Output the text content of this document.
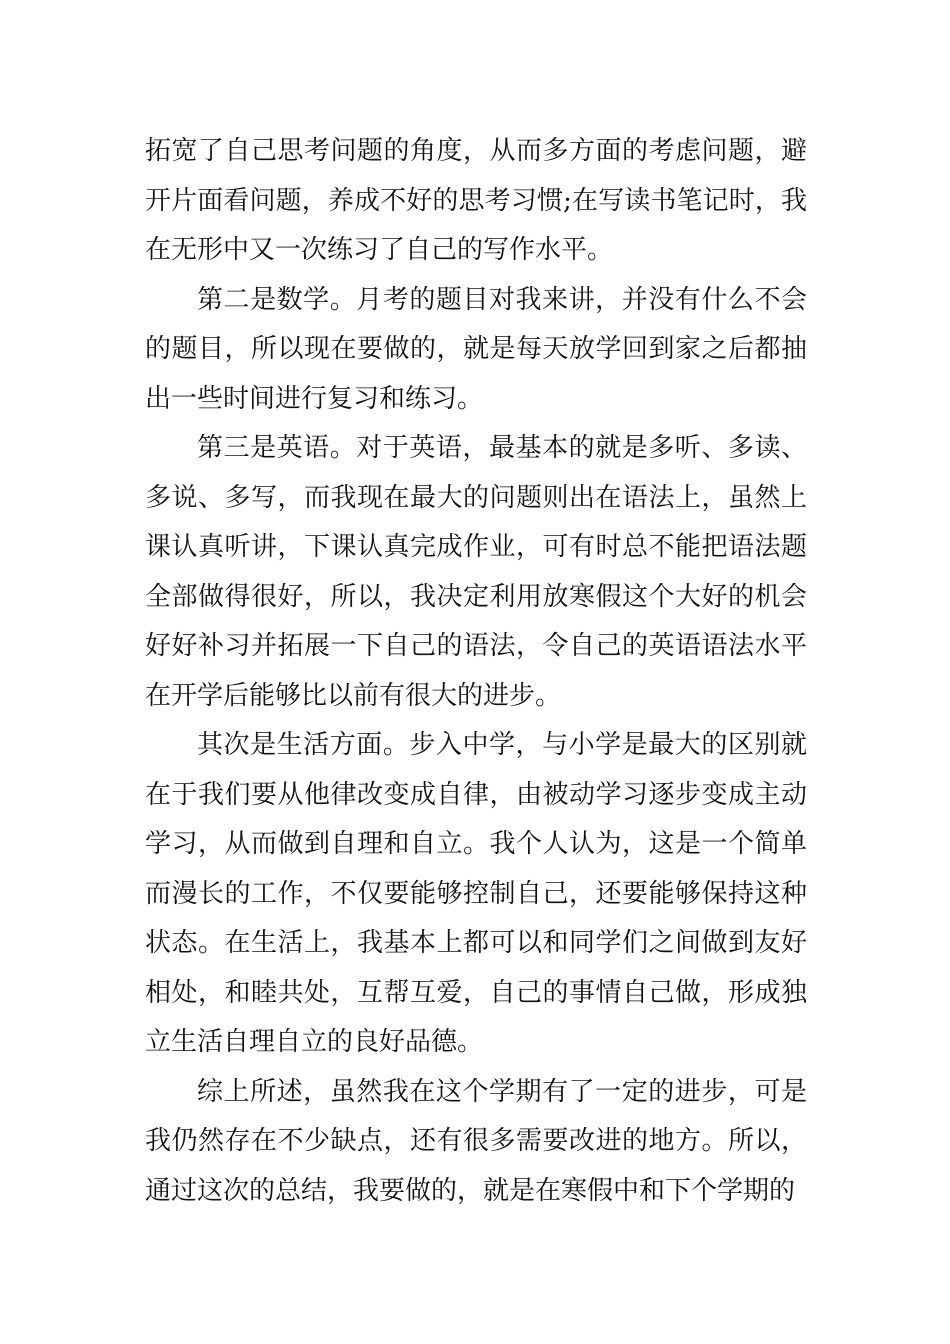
拓宽了自己思考问题的角度，从而多方面的考虑问题，避开片面看问题，养成不好的思考习惯;在写读书笔记时，我在无形中又一次练习了自己的写作水平。

第二是数学。月考的题目对我来讲，并没有什么不会的题目，所以现在要做的，就是每天放学回到家之后都抽出一些时间进行复习和练习。

第三是英语。对于英语，最基本的就是多听、多读、多说、多写，而我现在最大的问题则出在语法上，虽然上课认真听讲，下课认真完成作业，可有时总不能把语法题全部做得很好，所以，我决定利用放寒假这个大好的机会好好补习并拓展一下自己的语法，令自己的英语语法水平在开学后能够比以前有很大的进步。

其次是生活方面。步入中学，与小学是最大的区别就在于我们要从他律改变成自律，由被动学习逐步变成主动学习，从而做到自理和自立。我个人认为，这是一个简单而漫长的工作，不仅要能够控制自己，还要能够保持这种状态。在生活上，我基本上都可以和同学们之间做到友好相处，和睦共处，互帮互爱，自己的事情自己做，形成独立生活自理自立的良好品德。

综上所述，虽然我在这个学期有了一定的进步，可是我仍然存在不少缺点，还有很多需要改进的地方。所以，通过这次的总结，我要做的，就是在寒假中和下个学期的
